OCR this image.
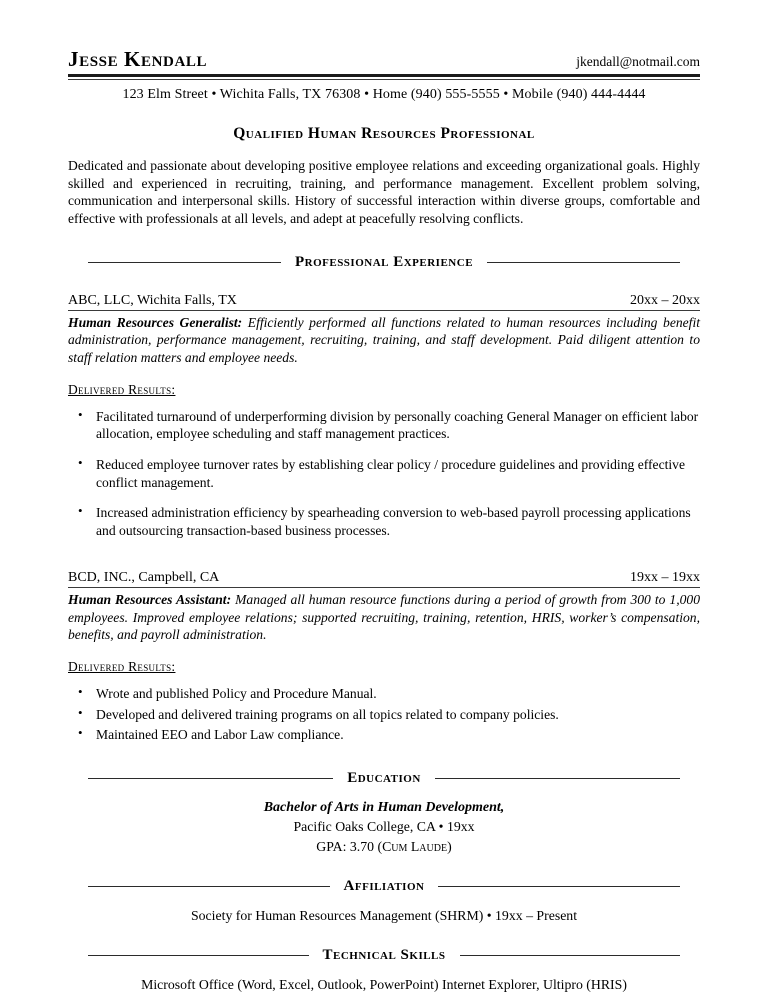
Jesse Kendall	jkendall@notmail.com
123 Elm Street • Wichita Falls, TX 76308 • Home (940) 555-5555 • Mobile (940) 444-4444
Qualified Human Resources Professional
Dedicated and passionate about developing positive employee relations and exceeding organizational goals. Highly skilled and experienced in recruiting, training, and performance management. Excellent problem solving, communication and interpersonal skills. History of successful interaction within diverse groups, comfortable and effective with professionals at all levels, and adept at peacefully resolving conflicts.
Professional Experience
ABC, LLC, Wichita Falls, TX	20xx – 20xx
Human Resources Generalist: Efficiently performed all functions related to human resources including benefit administration, performance management, recruiting, training, and staff development. Paid diligent attention to staff relation matters and employee needs.
Delivered Results:
• Facilitated turnaround of underperforming division by personally coaching General Manager on efficient labor allocation, employee scheduling and staff management practices.
• Reduced employee turnover rates by establishing clear policy / procedure guidelines and providing effective conflict management.
• Increased administration efficiency by spearheading conversion to web-based payroll processing applications and outsourcing transaction-based business processes.
BCD, INC., Campbell, CA	19xx – 19xx
Human Resources Assistant: Managed all human resource functions during a period of growth from 300 to 1,000 employees. Improved employee relations; supported recruiting, training, retention, HRIS, worker’s compensation, benefits, and payroll administration.
Delivered Results:
• Wrote and published Policy and Procedure Manual.
• Developed and delivered training programs on all topics related to company policies.
• Maintained EEO and Labor Law compliance.
Education
Bachelor of Arts in Human Development,
Pacific Oaks College, CA • 19xx
GPA: 3.70 (Cum Laude)
Affiliation
Society for Human Resources Management (SHRM) • 19xx – Present
Technical Skills
Microsoft Office (Word, Excel, Outlook, PowerPoint) Internet Explorer, Ultipro (HRIS)
